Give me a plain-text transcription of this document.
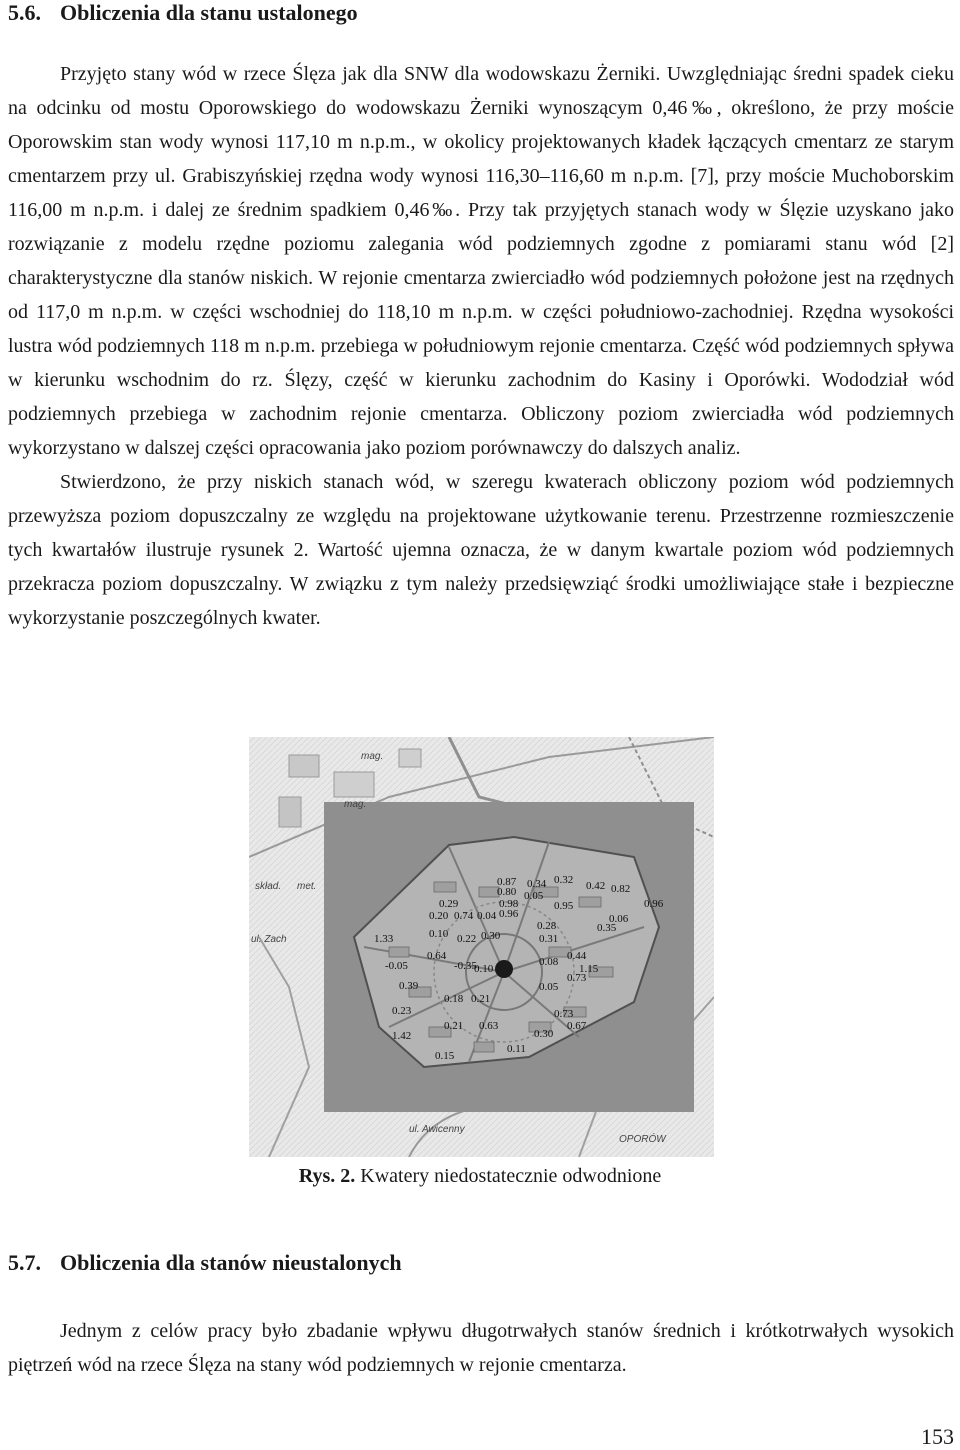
5.6. Obliczenia dla stanu ustalonego

Przyjęto stany wód w rzece Ślęza jak dla SNW dla wodowskazu Żerniki. Uwzględniając średni spadek cieku na odcinku od mostu Oporowskiego do wodowskazu Żerniki wynoszącym 0,46‰, określono, że przy moście Oporowskim stan wody wynosi 117,10 m n.p.m., w okolicy projektowanych kładek łączących cmentarz ze starym cmentarzem przy ul. Grabiszyńskiej rzędna wody wynosi 116,30–116,60 m n.p.m. [7], przy moście Muchoborskim 116,00 m n.p.m. i dalej ze średnim spadkiem 0,46‰. Przy tak przyjętych stanach wody w Ślęzie uzyskano jako rozwiązanie z modelu rzędne poziomu zalegania wód podziemnych zgodne z pomiarami stanu wód [2] charakterystyczne dla stanów niskich. W rejonie cmentarza zwierciadło wód podziemnych położone jest na rzędnych od 117,0 m n.p.m. w części wschodniej do 118,10 m n.p.m. w części południowo-zachodniej. Rzędna wysokości lustra wód podziemnych 118 m n.p.m. przebiega w południowym rejonie cmentarza. Część wód podziemnych spływa w kierunku wschodnim do rz. Ślęzy, część w kierunku zachodnim do Kasiny i Oporówki. Wododział wód podziemnych przebiega w zachodnim rejonie cmentarza. Obliczony poziom zwierciadła wód podziemnych wykorzystano w dalszej części opracowania jako poziom porównawczy do dalszych analiz.

Stwierdzono, że przy niskich stanach wód, w szeregu kwaterach obliczony poziom wód podziemnych przewyższa poziom dopuszczalny ze względu na projektowane użytkowanie terenu. Przestrzenne rozmieszczenie tych kwartałów ilustruje rysunek 2. Wartość ujemna oznacza, że w danym kwartale poziom wód podziemnych przekracza poziom dopuszczalny. W związku z tym należy przedsięwziąć środki umożliwiające stałe i bezpieczne wykorzystanie poszczególnych kwater.

mag.
mag.
skład. met.
ul. Zach
ul. Awicenny
OPORÓW
0.87 0.34 0.32 0.42 0.82
0.80 0.05
0.29	0.98	0.95	0.96
0.20 0.74 0.04 0.96	0.06
0.28	0.35
1.33	0.10 0.22 0.30	0.31
0.64	0.44
-0.05	-0.35
0.10
0.08
1.15
0.39
0.73
0.18
0.05
0.21
0.23	0.73
0.67
0.21 0.63
0.30
1.42
0.11
0.15
Rys. 2. Kwatery niedostatecznie odwodnione
5.7. Obliczenia dla stanów nieustalonych

Jednym z celów pracy było zbadanie wpływu długotrwałych stanów średnich i krótkotrwałych wysokich piętrzeń wód na rzece Ślęza na stany wód podziemnych w rejonie cmentarza.

153
